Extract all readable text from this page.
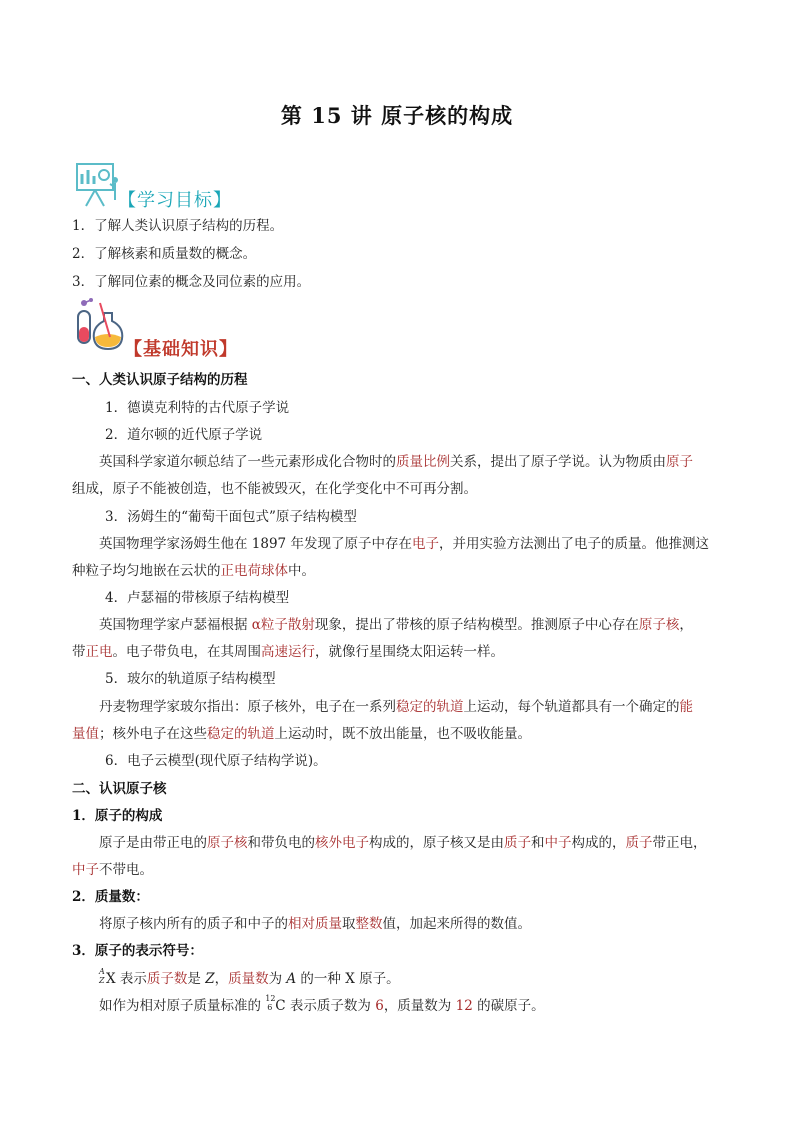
第 15 讲 原子核的构成
【学习目标】
1．了解人类认识原子结构的历程。
2．了解核素和质量数的概念。
3．了解同位素的概念及同位素的应用。
【基础知识】
一、人类认识原子结构的历程
1．德谟克利特的古代原子学说
2．道尔顿的近代原子学说
英国科学家道尔顿总结了一些元素形成化合物时的质量比例关系，提出了原子学说。认为物质由原子
组成，原子不能被创造，也不能被毁灭，在化学变化中不可再分割。
3．汤姆生的“葡萄干面包式”原子结构模型
英国物理学家汤姆生他在 1897 年发现了原子中存在电子，并用实验方法测出了电子的质量。他推测这
种粒子均匀地嵌在云状的正电荷球体中。
4．卢瑟福的带核原子结构模型
英国物理学家卢瑟福根据 α粒子散射现象，提出了带核的原子结构模型。推测原子中心存在原子核，
带正电。电子带负电，在其周围高速运行，就像行星围绕太阳运转一样。
5．玻尔的轨道原子结构模型
丹麦物理学家玻尔指出：原子核外，电子在一系列稳定的轨道上运动，每个轨道都具有一个确定的能
量值；核外电子在这些稳定的轨道上运动时，既不放出能量，也不吸收能量。
6．电子云模型(现代原子结构学说)。
二、认识原子核
1．原子的构成
原子是由带正电的原子核和带负电的核外电子构成的，原子核又是由质子和中子构成的，质子带正电，
中子不带电。
2．质量数：
将原子核内所有的质子和中子的相对质量取整数值，加起来所得的数值。
3．原子的表示符号：
A
Z X 表示质子数是 Z，质量数为 A 的一种 X 原子。
如作为相对原子质量标准的 12
6 C 表示质子数为 6，质量数为 12 的碳原子。
